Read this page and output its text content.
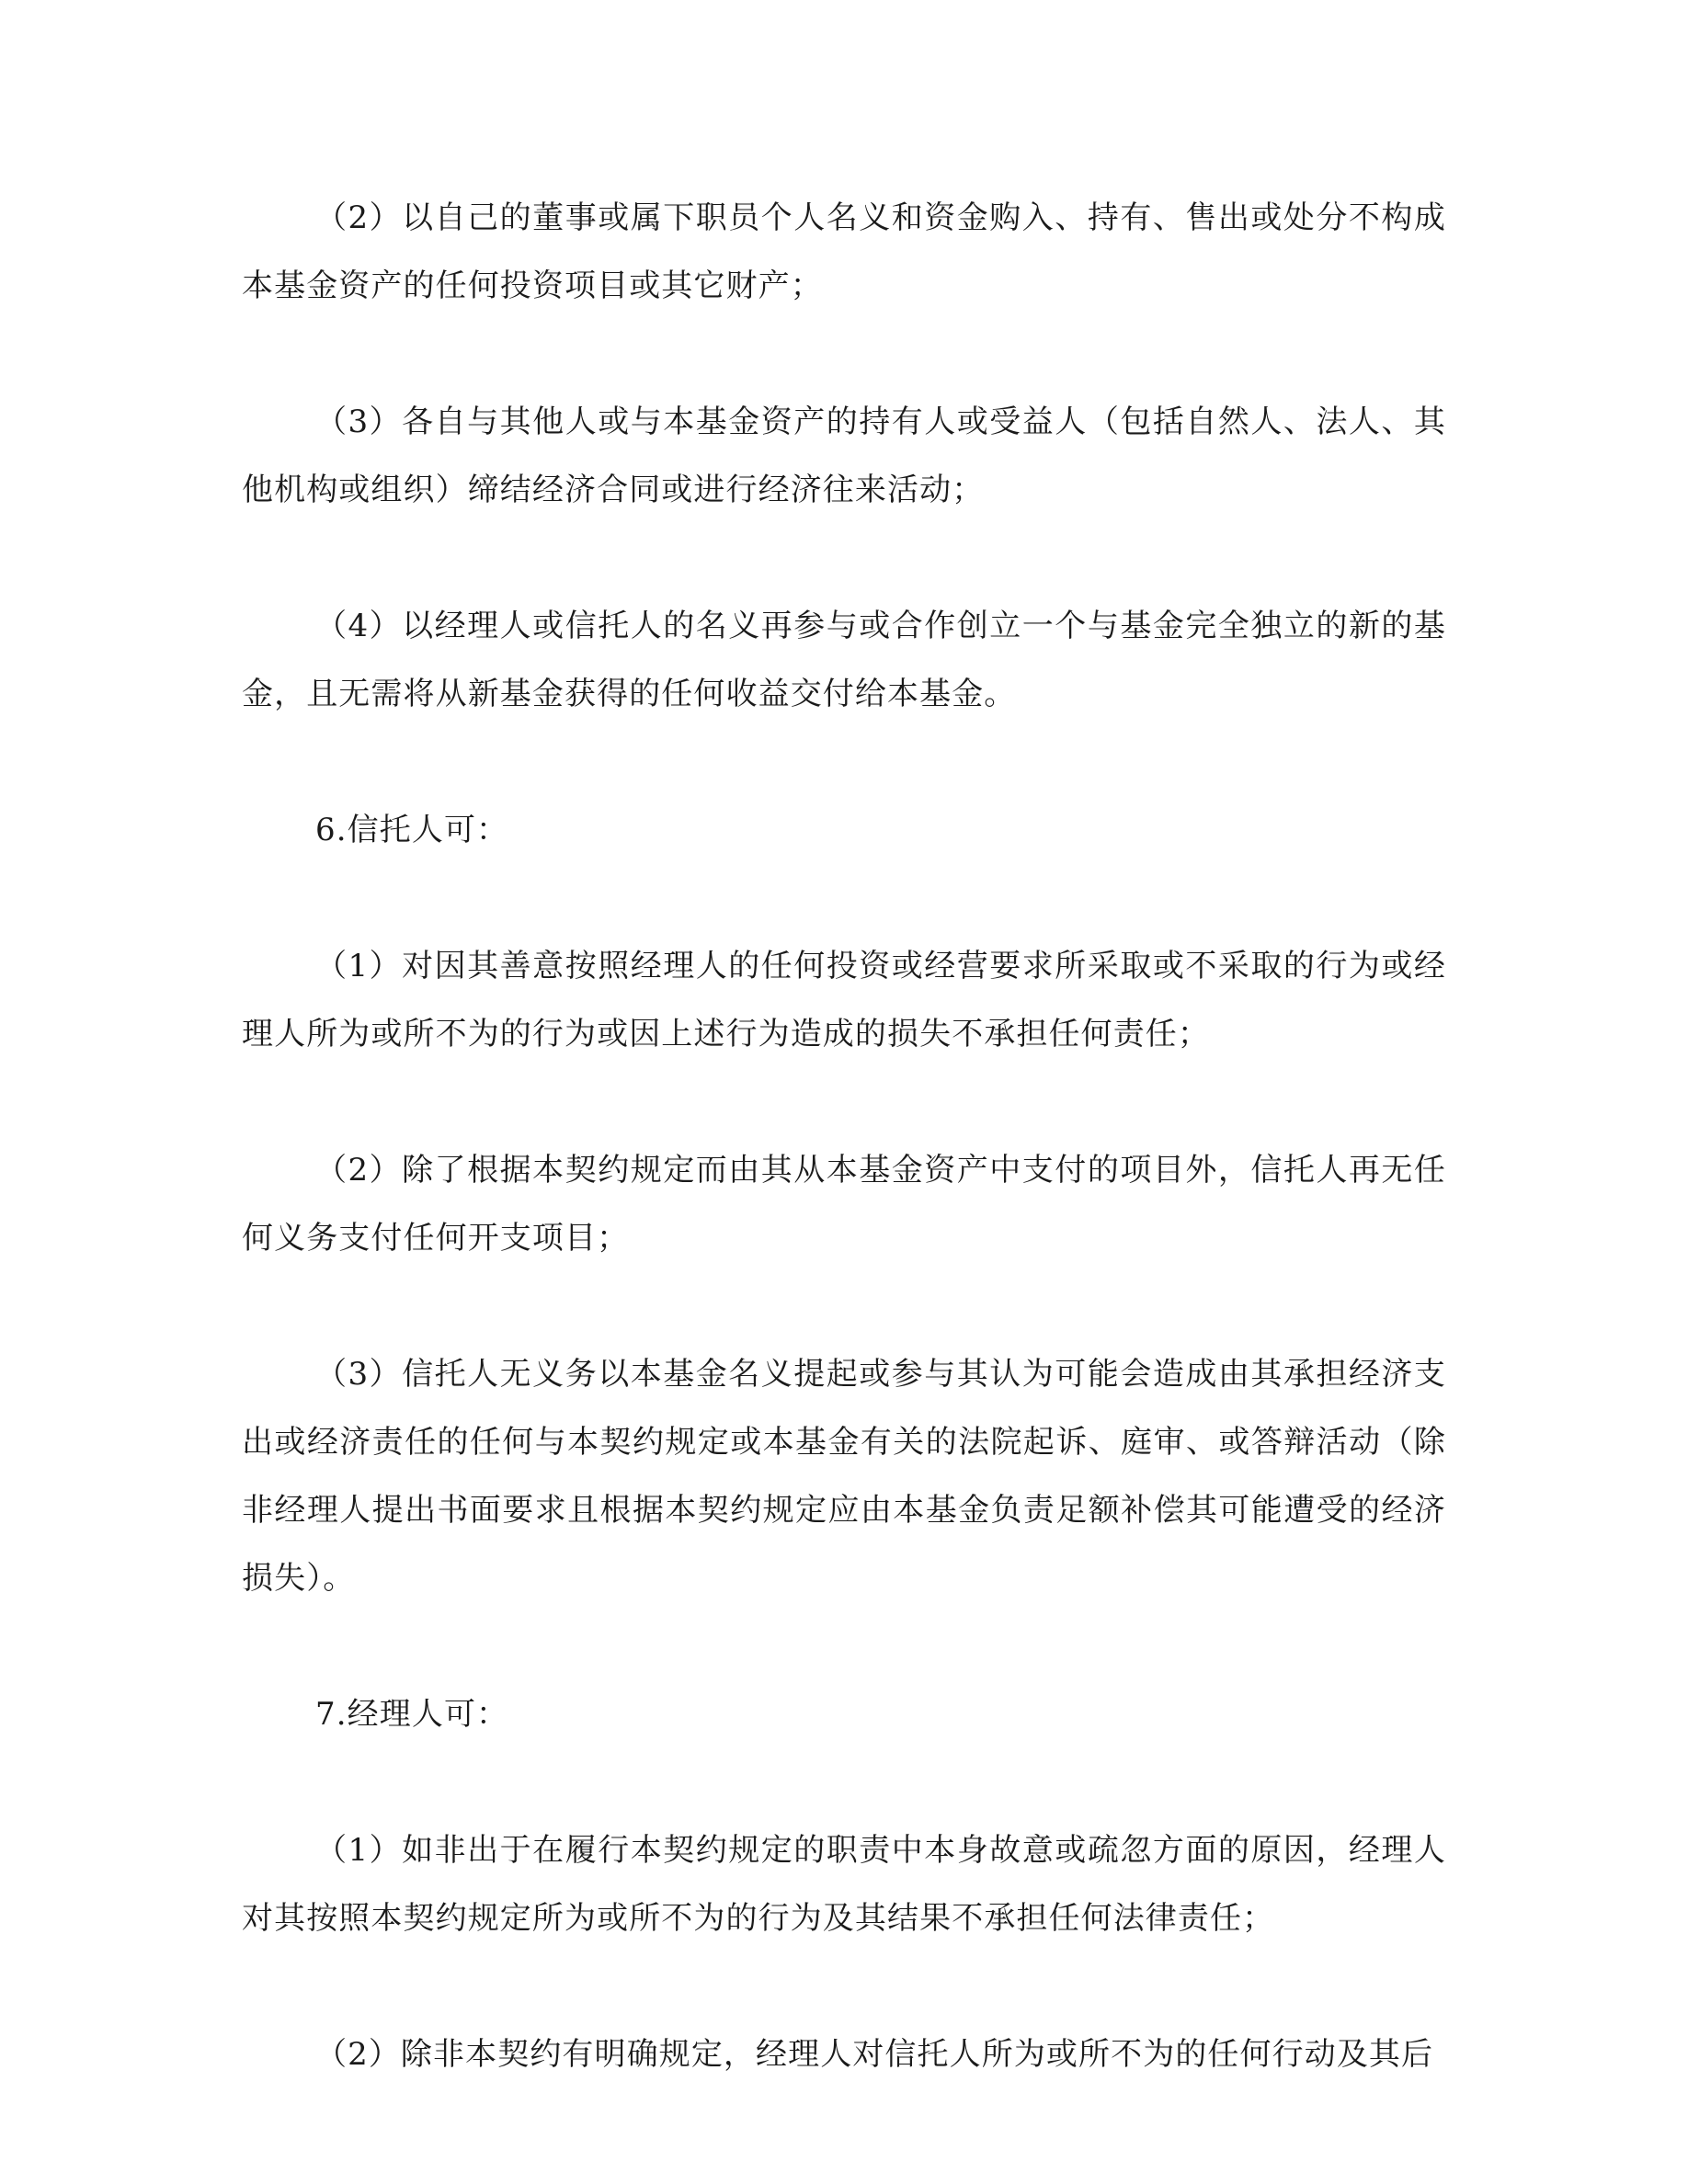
（2）以自己的董事或属下职员个人名义和资金购入、持有、售出或处分不构成本基金资产的任何投资项目或其它财产；

（3）各自与其他人或与本基金资产的持有人或受益人（包括自然人、法人、其他机构或组织）缔结经济合同或进行经济往来活动；

（4）以经理人或信托人的名义再参与或合作创立一个与基金完全独立的新的基金，且无需将从新基金获得的任何收益交付给本基金。

6.信托人可：

（1）对因其善意按照经理人的任何投资或经营要求所采取或不采取的行为或经理人所为或所不为的行为或因上述行为造成的损失不承担任何责任；

（2）除了根据本契约规定而由其从本基金资产中支付的项目外，信托人再无任何义务支付任何开支项目；

（3）信托人无义务以本基金名义提起或参与其认为可能会造成由其承担经济支出或经济责任的任何与本契约规定或本基金有关的法院起诉、庭审、或答辩活动（除非经理人提出书面要求且根据本契约规定应由本基金负责足额补偿其可能遭受的经济损失）。

7.经理人可：

（1）如非出于在履行本契约规定的职责中本身故意或疏忽方面的原因，经理人对其按照本契约规定所为或所不为的行为及其结果不承担任何法律责任；

（2）除非本契约有明确规定，经理人对信托人所为或所不为的任何行动及其后
